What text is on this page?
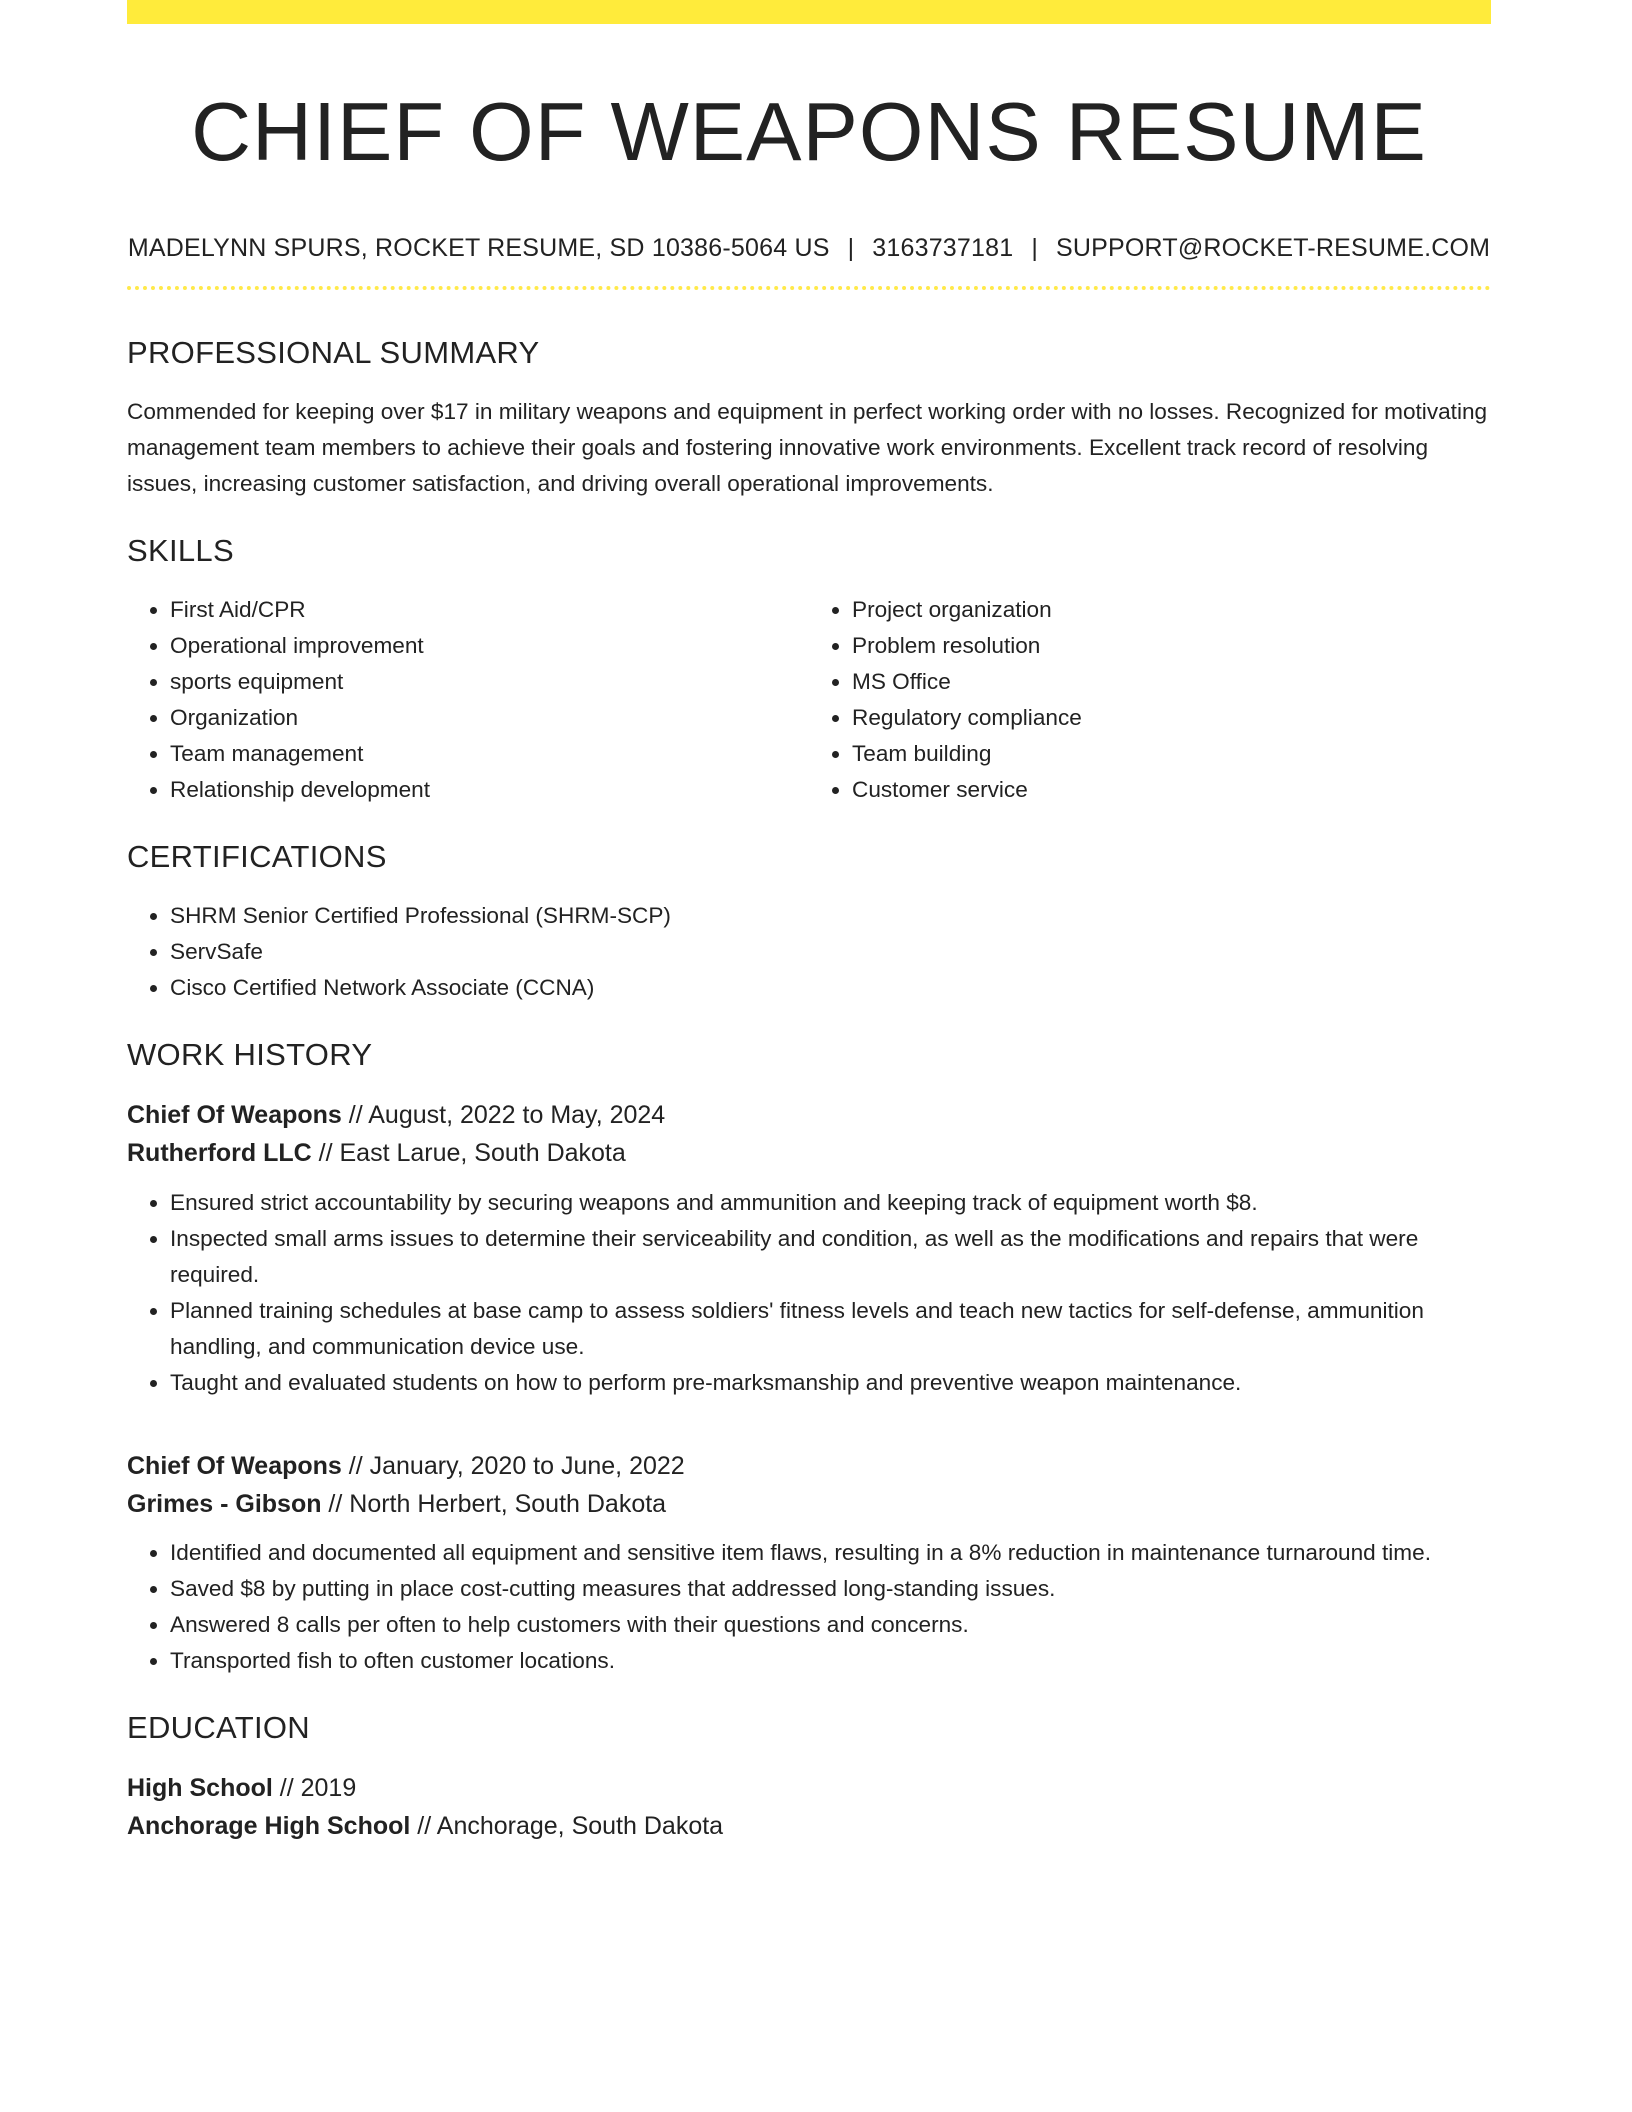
CHIEF OF WEAPONS RESUME
MADELYNN SPURS, ROCKET RESUME, SD 10386-5064 US | 3163737181 | SUPPORT@ROCKET-RESUME.COM
PROFESSIONAL SUMMARY
Commended for keeping over $17 in military weapons and equipment in perfect working order with no losses. Recognized for motivating management team members to achieve their goals and fostering innovative work environments. Excellent track record of resolving issues, increasing customer satisfaction, and driving overall operational improvements.
SKILLS
• First Aid/CPR
• Operational improvement
• sports equipment
• Organization
• Team management
• Relationship development
• Project organization
• Problem resolution
• MS Office
• Regulatory compliance
• Team building
• Customer service
CERTIFICATIONS
• SHRM Senior Certified Professional (SHRM-SCP)
• ServSafe
• Cisco Certified Network Associate (CCNA)
WORK HISTORY
Chief Of Weapons // August, 2022 to May, 2024
Rutherford LLC // East Larue, South Dakota
• Ensured strict accountability by securing weapons and ammunition and keeping track of equipment worth $8.
• Inspected small arms issues to determine their serviceability and condition, as well as the modifications and repairs that were required.
• Planned training schedules at base camp to assess soldiers' fitness levels and teach new tactics for self-defense, ammunition handling, and communication device use.
• Taught and evaluated students on how to perform pre-marksmanship and preventive weapon maintenance.
Chief Of Weapons // January, 2020 to June, 2022
Grimes - Gibson // North Herbert, South Dakota
• Identified and documented all equipment and sensitive item flaws, resulting in a 8% reduction in maintenance turnaround time.
• Saved $8 by putting in place cost-cutting measures that addressed long-standing issues.
• Answered 8 calls per often to help customers with their questions and concerns.
• Transported fish to often customer locations.
EDUCATION
High School // 2019
Anchorage High School // Anchorage, South Dakota
